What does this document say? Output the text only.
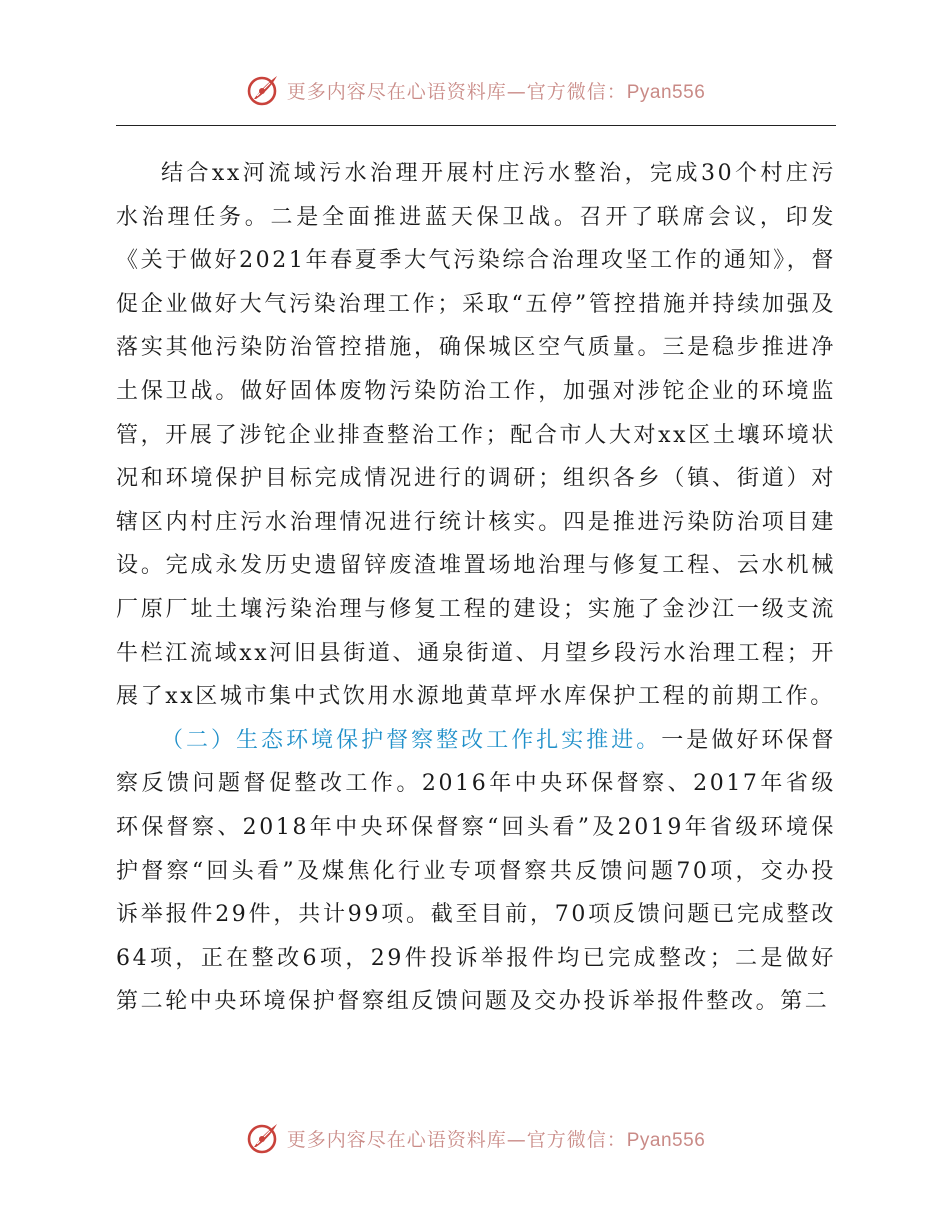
更多内容尽在心语资料库—官方微信：Pyan556

结合xx河流域污水治理开展村庄污水整治，完成30个村庄污水治理任务。二是全面推进蓝天保卫战。召开了联席会议，印发《关于做好2021年春夏季大气污染综合治理攻坚工作的通知》，督促企业做好大气污染治理工作；采取“五停”管控措施并持续加强及落实其他污染防治管控措施，确保城区空气质量。三是稳步推进净土保卫战。做好固体废物污染防治工作，加强对涉铊企业的环境监管，开展了涉铊企业排查整治工作；配合市人大对xx区土壤环境状况和环境保护目标完成情况进行的调研；组织各乡（镇、街道）对辖区内村庄污水治理情况进行统计核实。四是推进污染防治项目建设。完成永发历史遗留锌废渣堆置场地治理与修复工程、云水机械厂原厂址土壤污染治理与修复工程的建设；实施了金沙江一级支流牛栏江流域xx河旧县街道、通泉街道、月望乡段污水治理工程；开展了xx区城市集中式饮用水源地黄草坪水库保护工程的前期工作。

（二）生态环境保护督察整改工作扎实推进。一是做好环保督察反馈问题督促整改工作。2016年中央环保督察、2017年省级环保督察、2018年中央环保督察“回头看”及2019年省级环境保护督察“回头看”及煤焦化行业专项督察共反馈问题70项，交办投诉举报件29件，共计99项。截至目前，70项反馈问题已完成整改64项，正在整改6项，29件投诉举报件均已完成整改；二是做好第二轮中央环境保护督察组反馈问题及交办投诉举报件整改。第二

更多内容尽在心语资料库—官方微信：Pyan556
